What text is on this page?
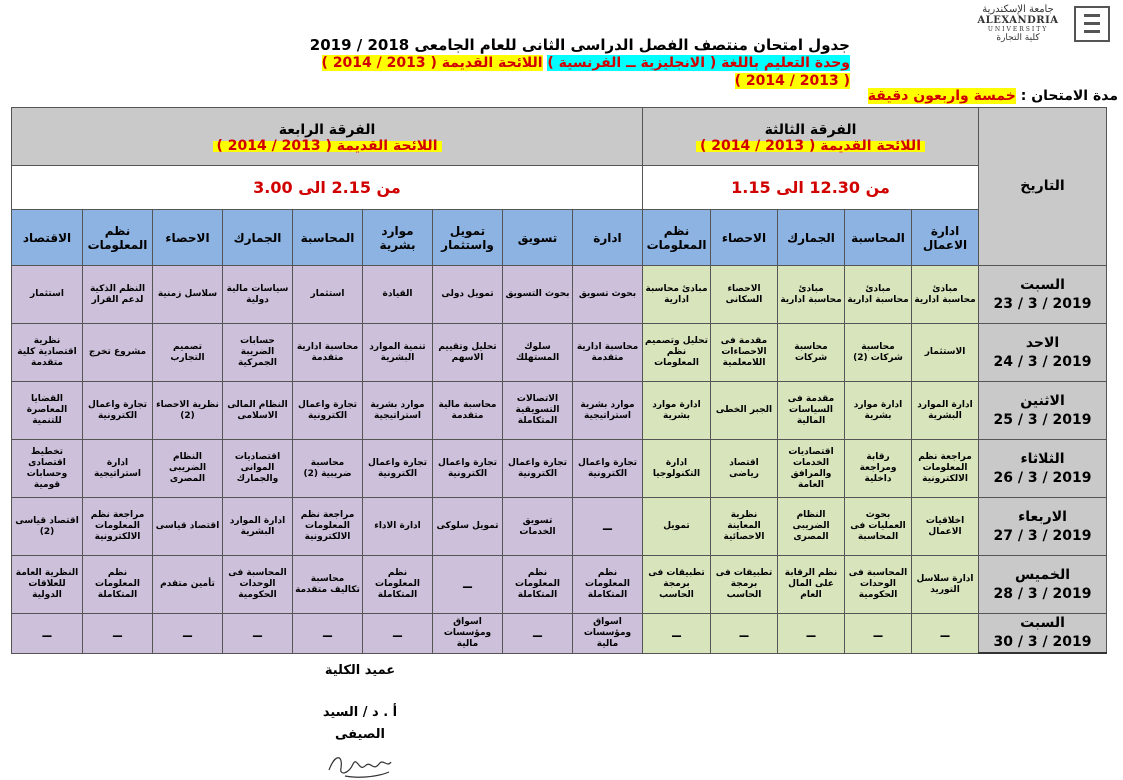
جامعة الإسكندرية
ALEXANDRIA
UNIVERSITY
كلية التجارة
جدول امتحان منتصف الفصل الدراسى الثانى للعام الجامعى 2018 / 2019
وحدة التعليم باللغة ( الانجليزية ــ الفرنسية ) اللائحة القديمة ( 2013 / 2014 )
( 2013 / 2014 )
مدة الامتحان : خمسة واربعون دقيقة
التاريخ	الفرقة الثالثة
اللائحة القديمة ( 2013 / 2014 )					الفرقة الرابعة
اللائحة القديمة ( 2013 / 2014 )								
	من 12.30 الى 1.15					من 2.15 الى 3.00								
	ادارة الاعمال	المحاسبة	الجمارك	الاحصاء	نظم المعلومات	ادارة	تسويق	تمويل واستثمار	موارد بشرية	المحاسبة	الجمارك	الاحصاء	نظم المعلومات	الاقتصاد

السبت
2019 / 3 / 23	مبادئ محاسبة ادارية	مبادئ محاسبة ادارية	مبادئ محاسبة ادارية	الاحصاء السكانى	مبادئ محاسبة ادارية	بحوث تسويق	بحوث التسويق	تمويل دولى	القيادة	استثمار	سياسات مالية دولية	سلاسل زمنية	النظم الذكية لدعم القرار	استثمار

الاحد
2019 / 3 / 24	الاستثمار	محاسبة شركات (2)	محاسبة شركات	مقدمة فى الاحصاءات اللامعلمية	تحليل وتصميم نظم المعلومات	محاسبة ادارية متقدمة	سلوك المستهلك	تحليل وتقييم الاسهم	تنمية الموارد البشرية	محاسبة ادارية متقدمة	حسابات الضريبة الجمركية	تصميم التجارب	مشروع تخرج	نظرية اقتصادية كلية متقدمة

الاثنين
2019 / 3 / 25	ادارة الموارد البشرية	ادارة موارد بشرية	مقدمة فى السياسات المالية	الجبر الخطى	ادارة موارد بشرية	موارد بشرية استراتيجية	الاتصالات التسويقية المتكاملة	محاسبة مالية متقدمة	موارد بشرية استراتيجية	تجارة واعمال الكترونية	النظام المالى الاسلامى	نظرية الاحصاء (2)	تجارة واعمال الكترونية	القضايا المعاصرة للتنمية

الثلاثاء
2019 / 3 / 26	مراجعة نظم المعلومات الالكترونية	رقابة ومراجعة داخلية	اقتصاديات الخدمات والمرافق العامة	اقتصاد رياضى	ادارة التكنولوجيا	تجارة واعمال الكترونية	تجارة واعمال الكترونية	تجارة واعمال الكترونية	تجارة واعمال الكترونية	محاسبة ضريبية (2)	اقتصاديات الموانى والجمارك	النظام الضريبى المصرى	ادارة استراتيجية	تخطيط اقتصادى وحسابات قومية

الاربعاء
2019 / 3 / 27	اخلاقيات الاعمال	بحوث العمليات فى المحاسبة	النظام الضريبى المصرى	نظرية المعاينة الاحصائية	تمويل	ــ	تسويق الخدمات	تمويل سلوكى	ادارة الاداء	مراجعة نظم المعلومات الالكترونية	ادارة الموارد البشرية	اقتصاد قياسى	مراجعة نظم المعلومات الالكترونية	اقتصاد قياسى (2)

الخميس
2019 / 3 / 28	ادارة سلاسل التوريد	المحاسبة فى الوحدات الحكومية	نظم الرقابة على المال العام	تطبيقات فى برمجة الحاسب	تطبيقات فى برمجة الحاسب	نظم المعلومات المتكاملة	نظم المعلومات المتكاملة	ــ	نظم المعلومات المتكاملة	محاسبة تكاليف متقدمة	المحاسبة فى الوحدات الحكومية	تأمين متقدم	نظم المعلومات المتكاملة	النظرية العامة للعلاقات الدولية

السبت
2019 / 3 / 30	ــ	ــ	ــ	ــ	ــ	اسواق ومؤسسات مالية	ــ	اسواق ومؤسسات مالية	ــ	ــ	ــ	ــ	ــ	ــ
عميد الكلية
أ . د / السيد الصيفى
